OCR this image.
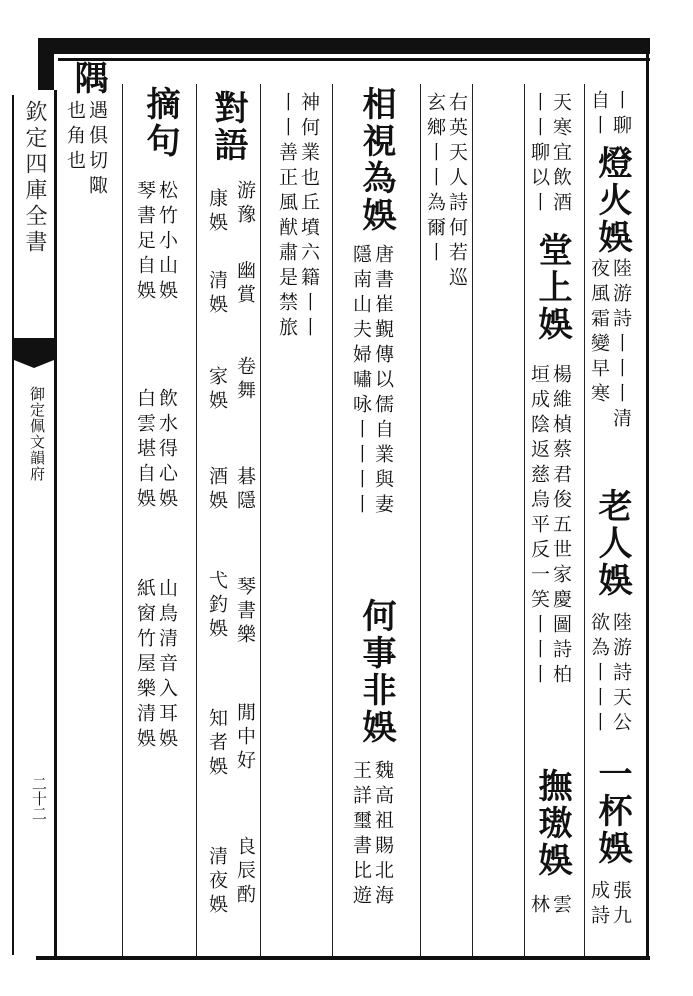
欽定四庫全書
御定佩文韻府
二十二
丨聊
自丨
燈火娛
陸游詩丨丨丨清
夜風霜變早寒
老人娛
陸游詩天公
欲為丨丨丨
一杯娛
張九
成詩
天寒宜飲酒
丨丨聊以丨
堂上娛
楊維楨蔡君俊五世家慶圖詩柏
垣成陰返慈烏平反一笑丨丨丨
撫璈娛
雲
林
右英天人詩何若巡
玄鄉丨丨為爾丨
相視為娛
唐書崔覲傳以儒自業與妻
隱南山夫婦嘯咏丨丨丨丨
何事非娛
魏高祖賜北海
王詳璽書比遊
神何業也丘墳六籍丨丨
丨丨善正風猷肅是禁旅
對語
游豫
康娛
清娛 幽賞
家娛 卷舞
酒娛 碁隱
弋釣娛 琴書樂
知者娛 閒中好
清夜娛 良辰酌
摘句
松竹小山娛
琴書足自娛
飲水得心娛
白雲堪自娛
山鳥清音入耳娛
紙窗竹屋樂清娛
隅
遇俱切陬
也角也
